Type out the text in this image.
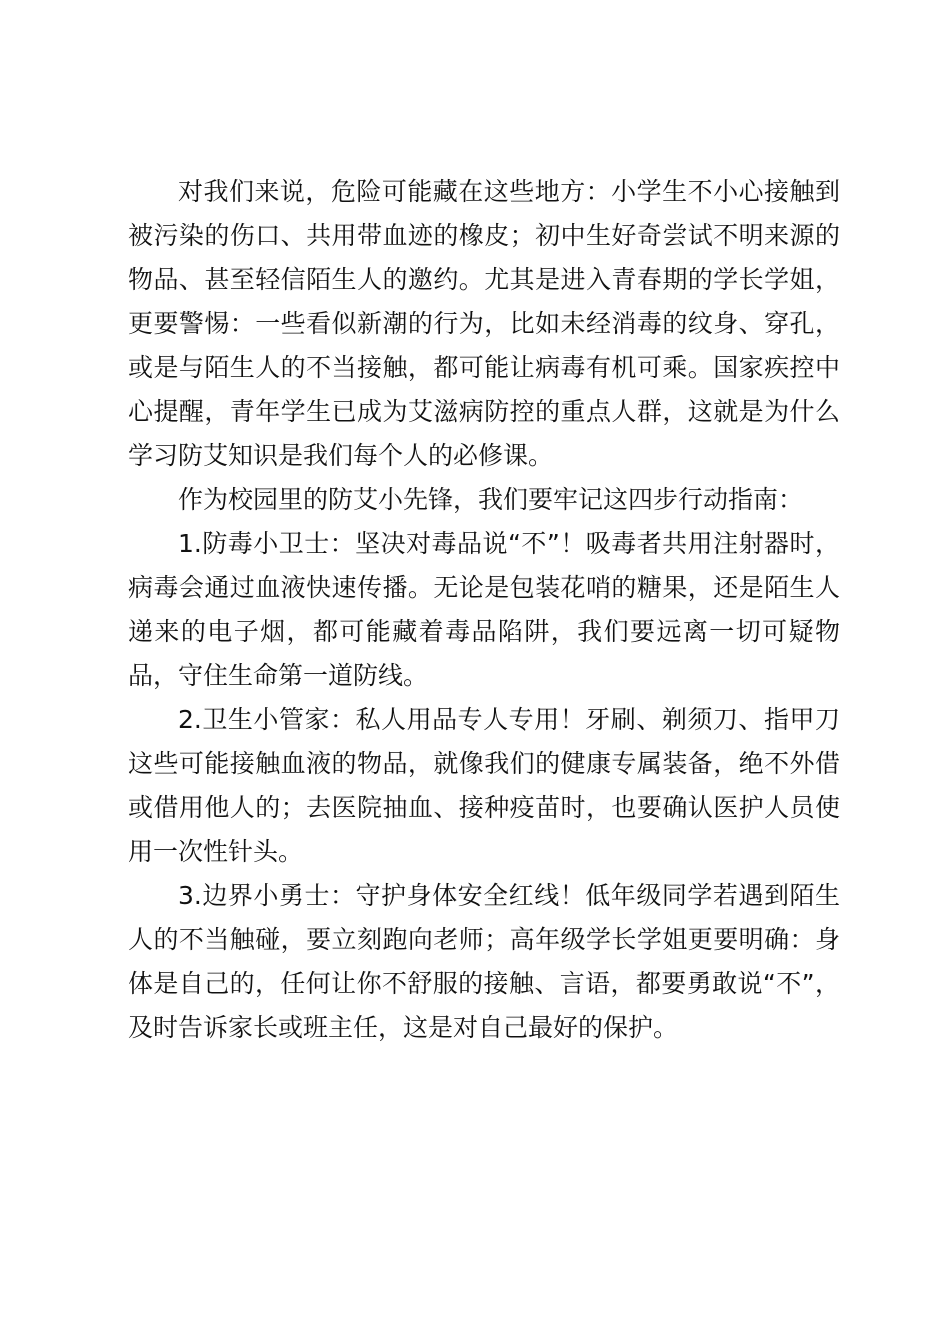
对我们来说，危险可能藏在这些地方：小学生不小心接触到被污染的伤口、共用带血迹的橡皮；初中生好奇尝试不明来源的物品、甚至轻信陌生人的邀约。尤其是进入青春期的学长学姐，更要警惕：一些看似新潮的行为，比如未经消毒的纹身、穿孔，或是与陌生人的不当接触，都可能让病毒有机可乘。国家疾控中心提醒，青年学生已成为艾滋病防控的重点人群，这就是为什么学习防艾知识是我们每个人的必修课。

作为校园里的防艾小先锋，我们要牢记这四步行动指南：

1.防毒小卫士：坚决对毒品说“不”！吸毒者共用注射器时，病毒会通过血液快速传播。无论是包装花哨的糖果，还是陌生人递来的电子烟，都可能藏着毒品陷阱，我们要远离一切可疑物品，守住生命第一道防线。

2.卫生小管家：私人用品专人专用！牙刷、剃须刀、指甲刀这些可能接触血液的物品，就像我们的健康专属装备，绝不外借或借用他人的；去医院抽血、接种疫苗时，也要确认医护人员使用一次性针头。

3.边界小勇士：守护身体安全红线！低年级同学若遇到陌生人的不当触碰，要立刻跑向老师；高年级学长学姐更要明确：身体是自己的，任何让你不舒服的接触、言语，都要勇敢说“不”，及时告诉家长或班主任，这是对自己最好的保护。
